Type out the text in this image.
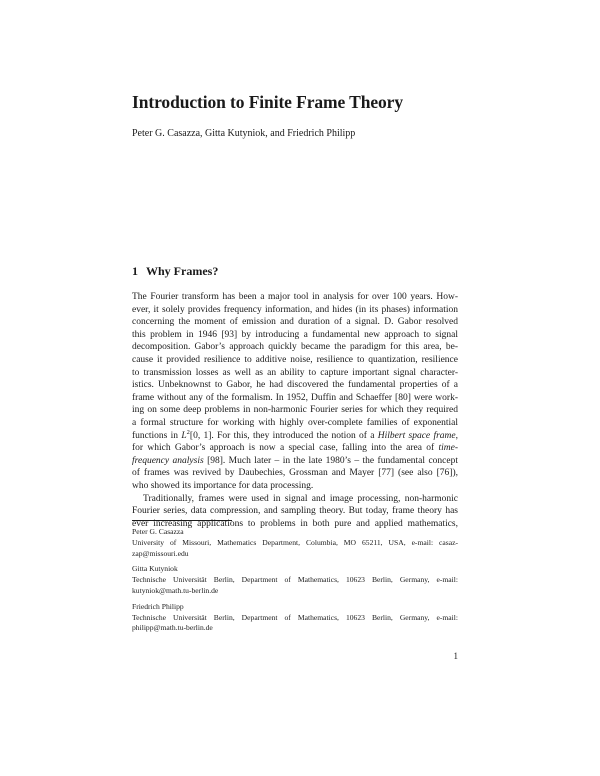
Introduction to Finite Frame Theory
Peter G. Casazza, Gitta Kutyniok, and Friedrich Philipp
1 Why Frames?
The Fourier transform has been a major tool in analysis for over 100 years. How-
ever, it solely provides frequency information, and hides (in its phases) information
concerning the moment of emission and duration of a signal. D. Gabor resolved
this problem in 1946 [93] by introducing a fundamental new approach to signal
decomposition. Gabor’s approach quickly became the paradigm for this area, be-
cause it provided resilience to additive noise, resilience to quantization, resilience
to transmission losses as well as an ability to capture important signal character-
istics. Unbeknownst to Gabor, he had discovered the fundamental properties of a
frame without any of the formalism. In 1952, Duffin and Schaeffer [80] were work-
ing on some deep problems in non-harmonic Fourier series for which they required
a formal structure for working with highly over-complete families of exponential
functions in $L^2[0$, 1]. For this, they introduced the notion of a Hilbert space frame,
for which Gabor’s approach is now a special case, falling into the area of time-
frequency analysis [98]. Much later – in the late 1980’s – the fundamental concept
of frames was revived by Daubechies, Grossman and Mayer [77] (see also [76]),
who showed its importance for data processing.
Traditionally, frames were used in signal and image processing, non-harmonic
Fourier series, data compression, and sampling theory. But today, frame theory has
ever increasing applications to problems in both pure and applied mathematics,
Peter G. Casazza
University of Missouri, Mathematics Department, Columbia, MO 65211, USA, e-mail: casaz-
zap@missouri.edu
Gitta Kutyniok
Technische Universität Berlin, Department of Mathematics, 10623 Berlin, Germany, e-mail:
kutyniok@math.tu-berlin.de
Friedrich Philipp
Technische Universität Berlin, Department of Mathematics, 10623 Berlin, Germany, e-mail:
philipp@math.tu-berlin.de
1
